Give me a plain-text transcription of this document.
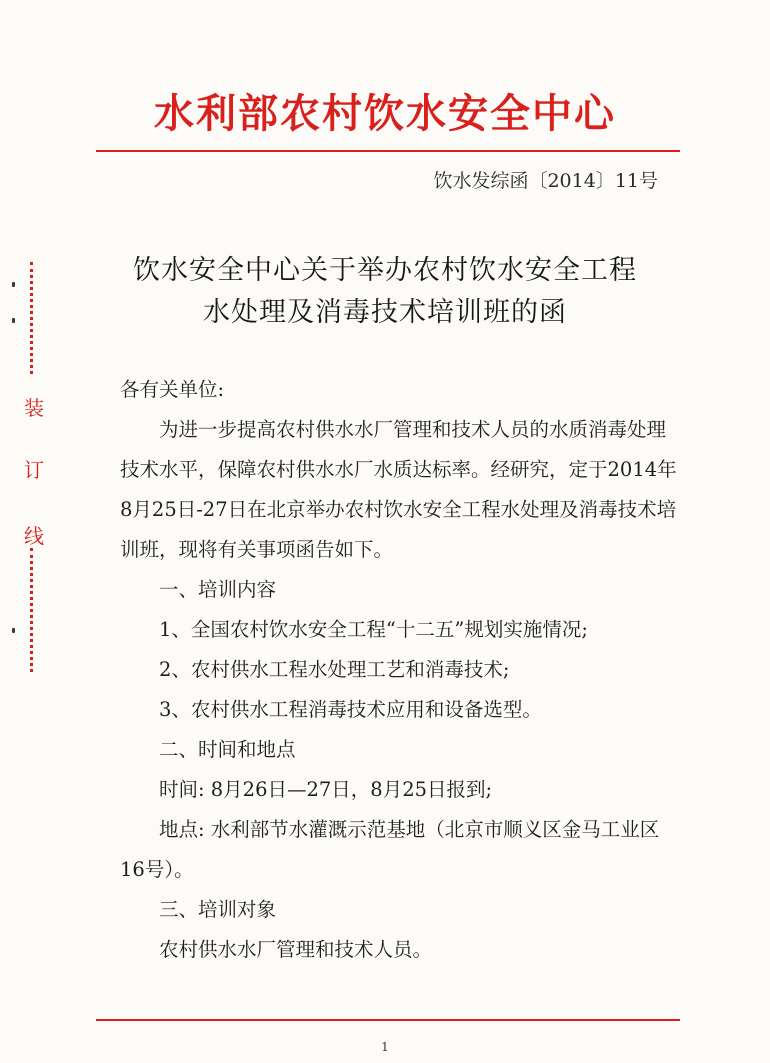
水利部农村饮水安全中心
饮水发综函〔2014〕11号
饮水安全中心关于举办农村饮水安全工程
水处理及消毒技术培训班的函
装
订
线

各有关单位:

为进一步提高农村供水水厂管理和技术人员的水质消毒处理技术水平，保障农村供水水厂水质达标率。经研究，定于2014年8月25日-27日在北京举办农村饮水安全工程水处理及消毒技术培训班，现将有关事项函告如下。

一、培训内容

1、全国农村饮水安全工程“十二五”规划实施情况;

2、农村供水工程水处理工艺和消毒技术;

3、农村供水工程消毒技术应用和设备选型。

二、时间和地点

时间: 8月26日—27日，8月25日报到;

地点: 水利部节水灌溉示范基地（北京市顺义区金马工业区16号）。

三、培训对象

农村供水水厂管理和技术人员。

1
